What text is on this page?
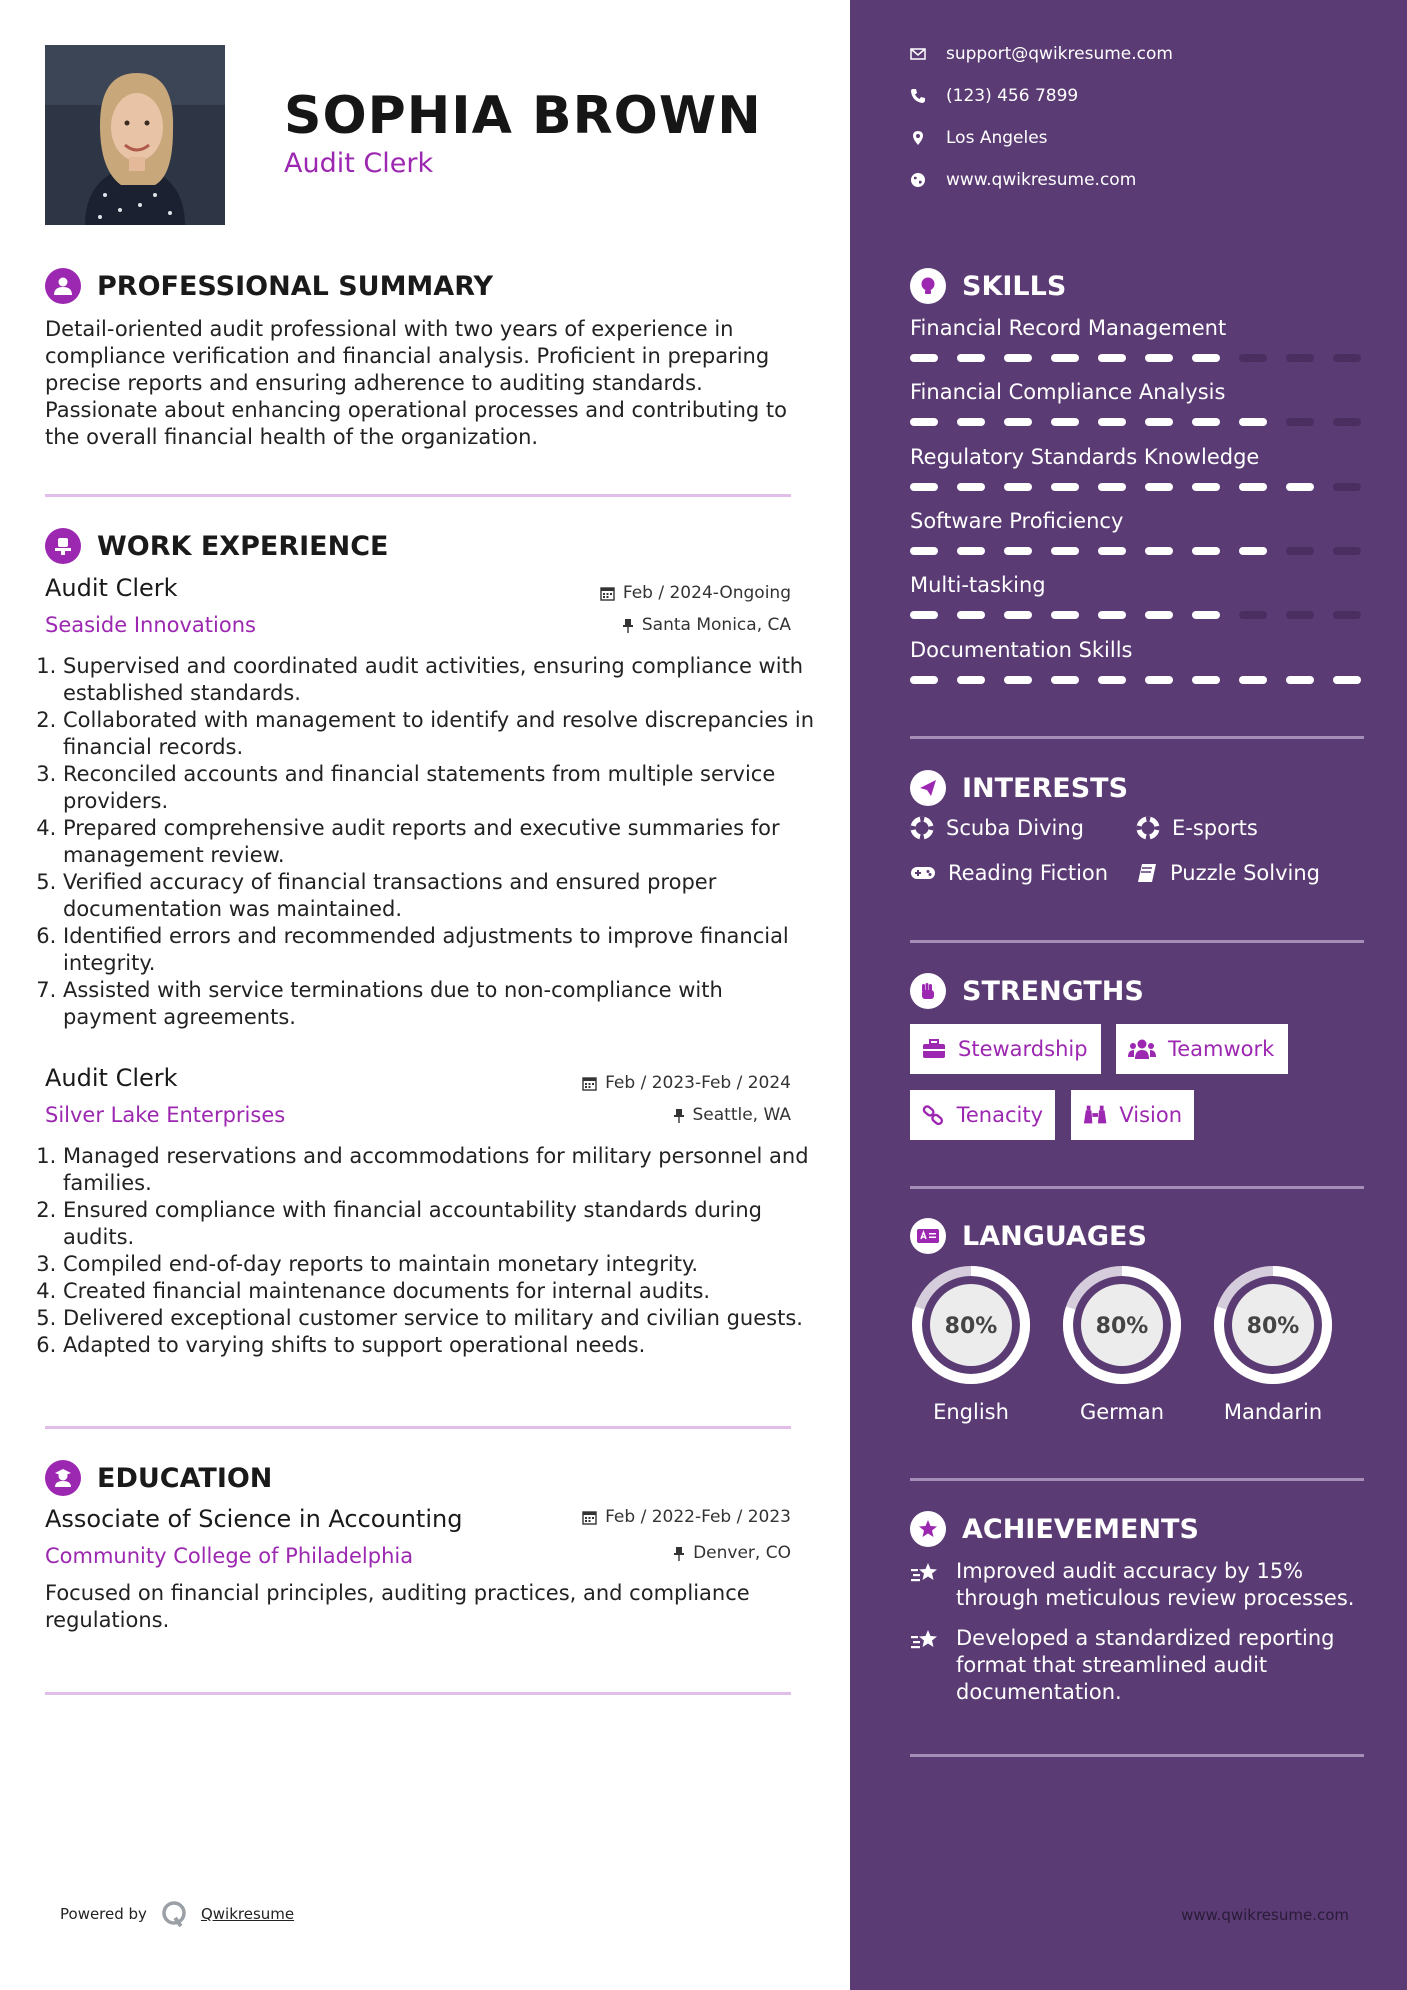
SOPHIA BROWN
Audit Clerk
PROFESSIONAL SUMMARY

Detail-oriented audit professional with two years of experience in compliance verification and financial analysis. Proficient in preparing precise reports and ensuring adherence to auditing standards. Passionate about enhancing operational processes and contributing to the overall financial health of the organization.

WORK EXPERIENCE
Audit Clerk	Feb / 2024-Ongoing
Seaside Innovations	Santa Monica, CA
1. Supervised and coordinated audit activities, ensuring compliance with established standards.
2. Collaborated with management to identify and resolve discrepancies in financial records.
3. Reconciled accounts and financial statements from multiple service providers.
4. Prepared comprehensive audit reports and executive summaries for management review.
5. Verified accuracy of financial transactions and ensured proper documentation was maintained.
6. Identified errors and recommended adjustments to improve financial integrity.
7. Assisted with service terminations due to non-compliance with payment agreements.
Audit Clerk	Feb / 2023-Feb / 2024
Silver Lake Enterprises	Seattle, WA
1. Managed reservations and accommodations for military personnel and families.
2. Ensured compliance with financial accountability standards during audits.
3. Compiled end-of-day reports to maintain monetary integrity.
4. Created financial maintenance documents for internal audits.
5. Delivered exceptional customer service to military and civilian guests.
6. Adapted to varying shifts to support operational needs.
EDUCATION
Associate of Science in Accounting	Feb / 2022-Feb / 2023
Community College of Philadelphia	Denver, CO

Focused on financial principles, auditing practices, and compliance regulations.

Powered by	Qwikresume
support@qwikresume.com
(123) 456 7899
Los Angeles
www.qwikresume.com
SKILLS
Financial Record Management
Financial Compliance Analysis
Regulatory Standards Knowledge
Software Proficiency
Multi-tasking
Documentation Skills
INTERESTS
Scuba Diving	E-sports
Reading Fiction	Puzzle Solving
STRENGTHS
Stewardship	Teamwork
Tenacity	Vision
LANGUAGES
80%
English
80%
German
80%
Mandarin
ACHIEVEMENTS
Improved audit accuracy by 15% through meticulous review processes.
Developed a standardized reporting format that streamlined audit documentation.
www.qwikresume.com
